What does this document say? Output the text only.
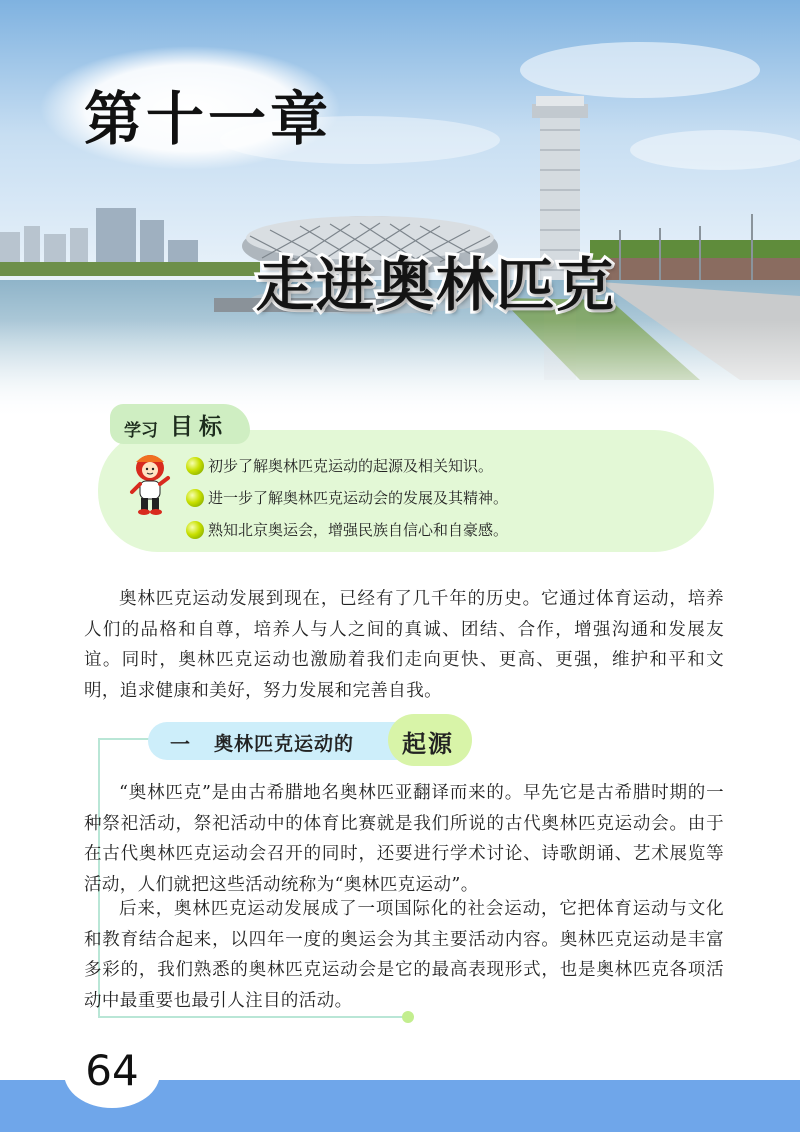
第十一章
走进奥林匹克
学习 目标
初步了解奥林匹克运动的起源及相关知识。
进一步了解奥林匹克运动会的发展及其精神。
熟知北京奥运会，增强民族自信心和自豪感。

奥林匹克运动发展到现在，已经有了几千年的历史。它通过体育运动，培养人们的品格和自尊，培养人与人之间的真诚、团结、合作，增强沟通和发展友谊。同时，奥林匹克运动也激励着我们走向更快、更高、更强，维护和平和文明，追求健康和美好，努力发展和完善自我。

一 奥林匹克运动的 起源

“奥林匹克”是由古希腊地名奥林匹亚翻译而来的。早先它是古希腊时期的一种祭祀活动，祭祀活动中的体育比赛就是我们所说的古代奥林匹克运动会。由于在古代奥林匹克运动会召开的同时，还要进行学术讨论、诗歌朗诵、艺术展览等活动，人们就把这些活动统称为“奥林匹克运动”。

后来，奥林匹克运动发展成了一项国际化的社会运动，它把体育运动与文化和教育结合起来，以四年一度的奥运会为其主要活动内容。奥林匹克运动是丰富多彩的，我们熟悉的奥林匹克运动会是它的最高表现形式，也是奥林匹克各项活动中最重要也最引人注目的活动。

64
